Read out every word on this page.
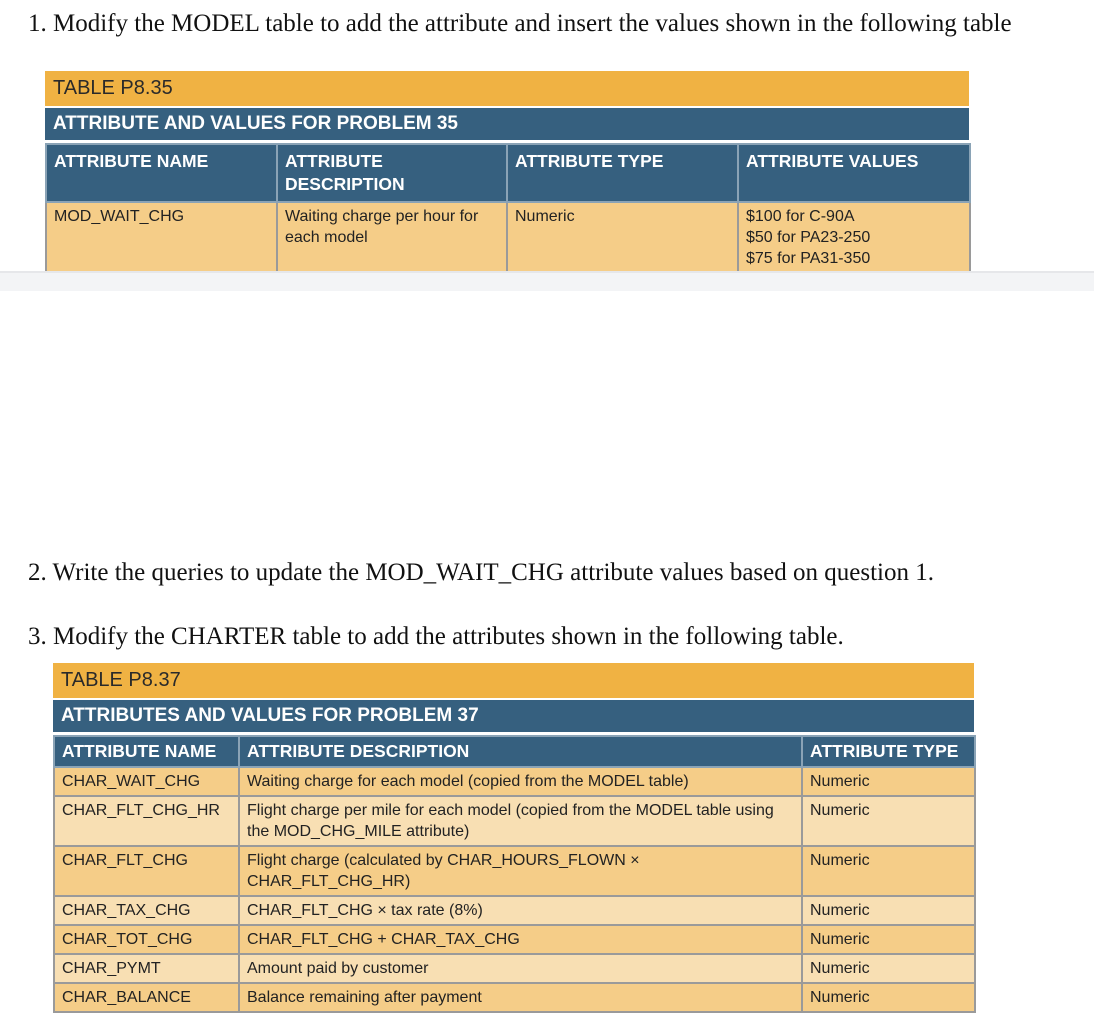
1. Modify the MODEL table to add the attribute and insert the values shown in the following table

TABLE P8.35
ATTRIBUTE AND VALUES FOR PROBLEM 35
ATTRIBUTE NAME	ATTRIBUTE DESCRIPTION	ATTRIBUTE TYPE	ATTRIBUTE VALUES
MOD_WAIT_CHG	Waiting charge per hour for each model	Numeric	$100 for C-90A
$50 for PA23-250
$75 for PA31-350

2. Write the queries to update the MOD_WAIT_CHG attribute values based on question 1.

3. Modify the CHARTER table to add the attributes shown in the following table.

TABLE P8.37
ATTRIBUTES AND VALUES FOR PROBLEM 37
ATTRIBUTE NAME	ATTRIBUTE DESCRIPTION	ATTRIBUTE TYPE
CHAR_WAIT_CHG	Waiting charge for each model (copied from the MODEL table)	Numeric
CHAR_FLT_CHG_HR	Flight charge per mile for each model (copied from the MODEL table using the MOD_CHG_MILE attribute)	Numeric
CHAR_FLT_CHG	Flight charge (calculated by CHAR_HOURS_FLOWN × CHAR_FLT_CHG_HR)	Numeric
CHAR_TAX_CHG	CHAR_FLT_CHG × tax rate (8%)	Numeric
CHAR_TOT_CHG	CHAR_FLT_CHG + CHAR_TAX_CHG	Numeric
CHAR_PYMT	Amount paid by customer	Numeric
CHAR_BALANCE	Balance remaining after payment	Numeric
